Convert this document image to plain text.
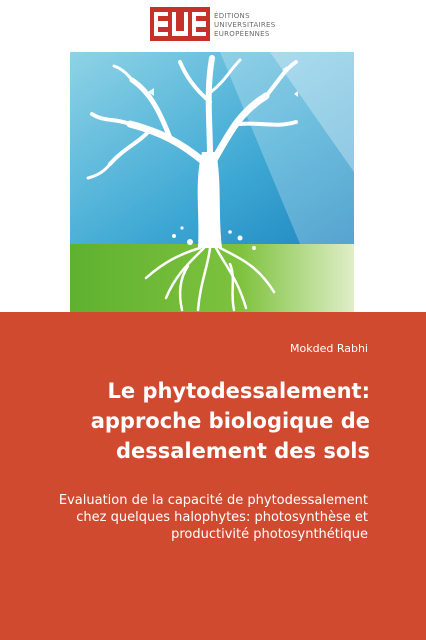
ÉDITIONS
UNIVERSITAIRES
EUROPÉENNES
Mokded Rabhi
Le phytodessalement:
approche biologique de
dessalement des sols
Evaluation de la capacité de phytodessalement
chez quelques halophytes: photosynthèse et
productivité photosynthétique
